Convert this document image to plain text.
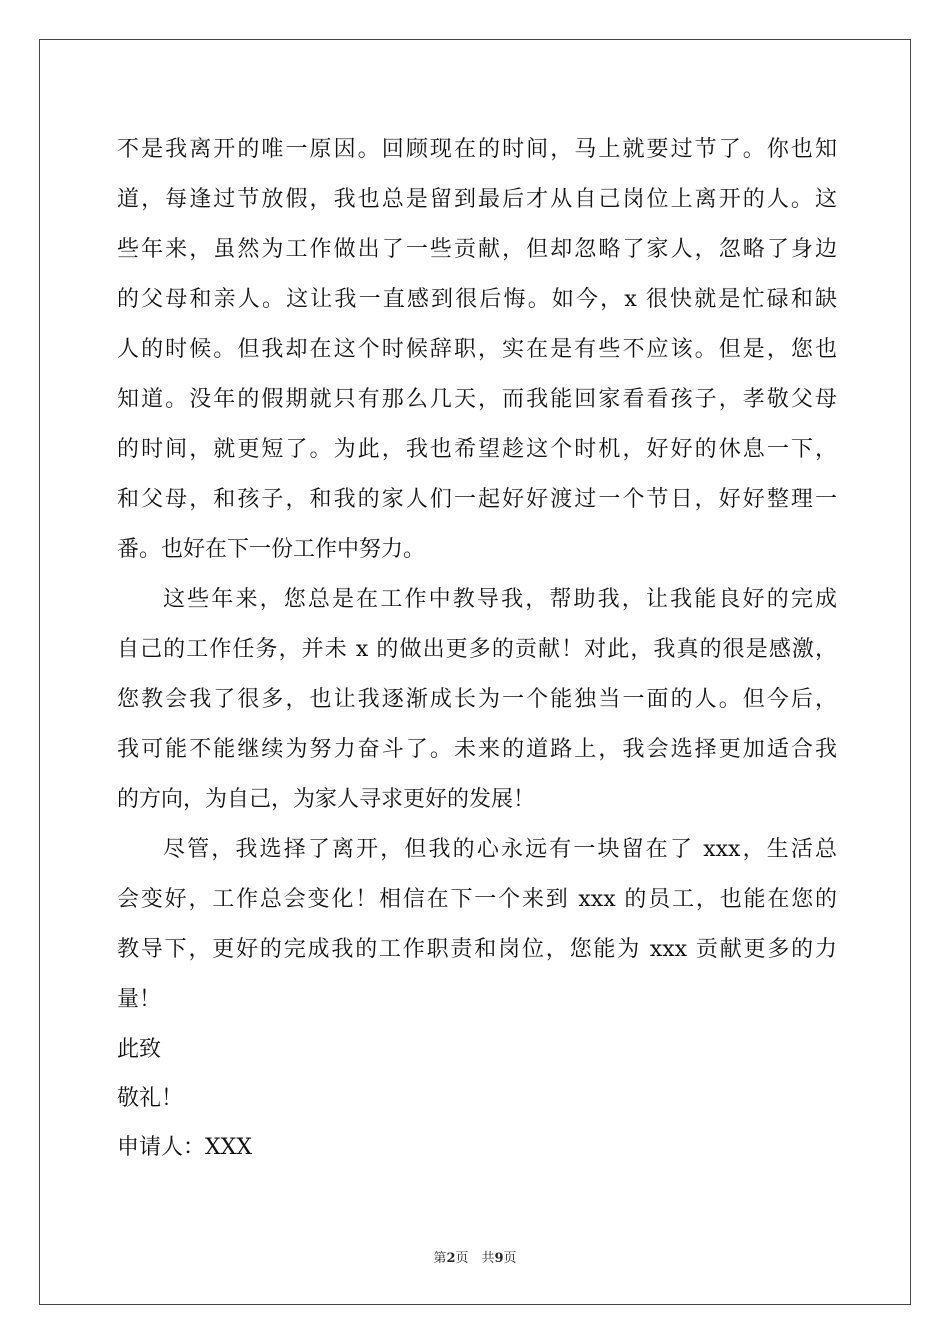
不是我离开的唯一原因。回顾现在的时间，马上就要过节了。你也知
道，每逢过节放假，我也总是留到最后才从自己岗位上离开的人。这
些年来，虽然为工作做出了一些贡献，但却忽略了家人，忽略了身边
的父母和亲人。这让我一直感到很后悔。如今，x 很快就是忙碌和缺
人的时候。但我却在这个时候辞职，实在是有些不应该。但是，您也
知道。没年的假期就只有那么几天，而我能回家看看孩子，孝敬父母
的时间，就更短了。为此，我也希望趁这个时机，好好的休息一下，
和父母，和孩子，和我的家人们一起好好渡过一个节日，好好整理一
番。也好在下一份工作中努力。
这些年来，您总是在工作中教导我，帮助我，让我能良好的完成
自己的工作任务，并未 x 的做出更多的贡献！对此，我真的很是感激，
您教会我了很多，也让我逐渐成长为一个能独当一面的人。但今后，
我可能不能继续为努力奋斗了。未来的道路上，我会选择更加适合我
的方向，为自己，为家人寻求更好的发展！
尽管，我选择了离开，但我的心永远有一块留在了 xxx，生活总
会变好，工作总会变化！相信在下一个来到 xxx 的员工，也能在您的
教导下，更好的完成我的工作职责和岗位，您能为 xxx 贡献更多的力
量！
此致
敬礼！
申请人：XXX
第2页　共9页
